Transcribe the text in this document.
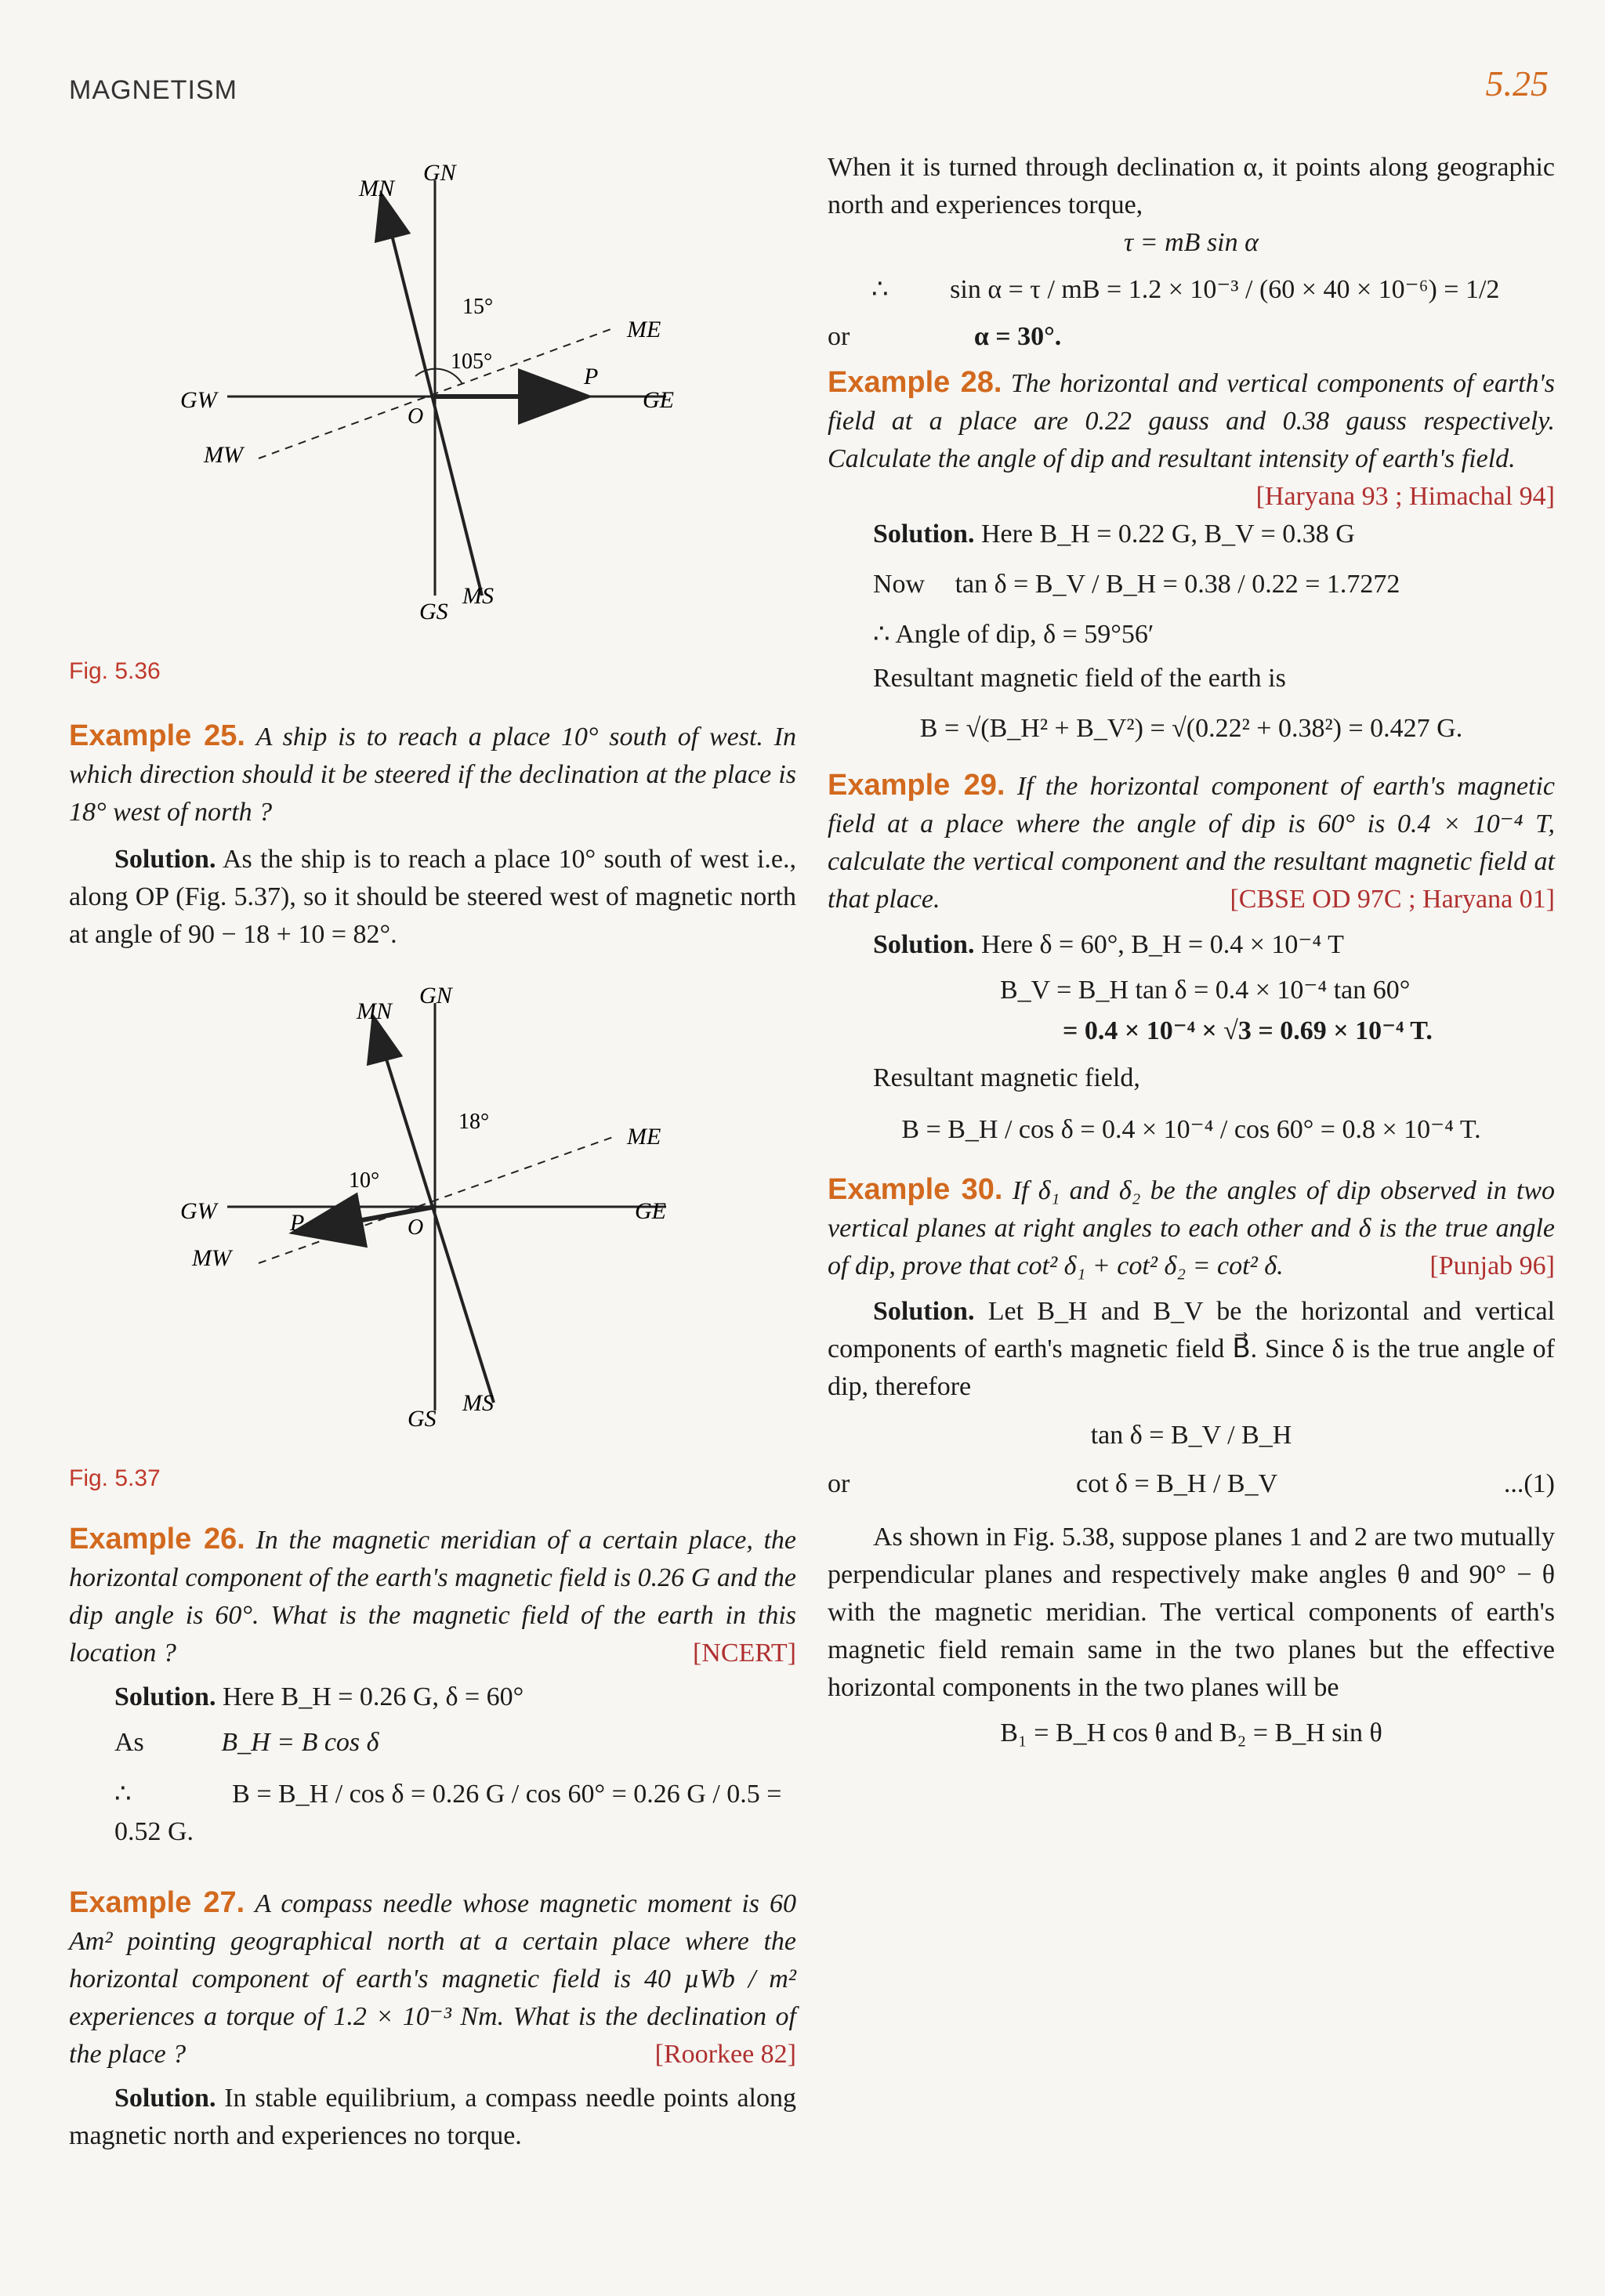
MAGNETISM	5.25
MN
GN
15°
105°
ME
P
GE
GW
O
MW
GS
MS
Fig. 5.36

Example 25. A ship is to reach a place 10° south of west. In which direction should it be steered if the declination at the place is 18° west of north ?

Solution. As the ship is to reach a place 10° south of west i.e., along OP (Fig. 5.37), so it should be steered west of magnetic north at angle of 90 − 18 + 10 = 82°.

MN
GN
18°
10°
ME
GE
GW	P	O
MW
GS
MS
Fig. 5.37

Example 26. In the magnetic meridian of a certain place, the horizontal component of the earth's magnetic field is 0.26 G and the dip angle is 60°. What is the magnetic field of the earth in this location ?	[NCERT]

Solution. Here B_H = 0.26 G, δ = 60°

As	B_H = B cos δ

∴	B = B_H / cos δ = 0.26 G / cos 60° = 0.26 G / 0.5 = 0.52 G.

Example 27. A compass needle whose magnetic moment is 60 Am² pointing geographical north at a certain place where the horizontal component of earth's magnetic field is 40 µWb / m² experiences a torque of 1.2 × 10⁻³ Nm. What is the declination of the place ?	[Roorkee 82]

Solution. In stable equilibrium, a compass needle points along magnetic north and experiences no torque.

When it is turned through declination α, it points along geographic north and experiences torque,

τ = mB sin α

∴ sin α = τ / mB = 1.2 × 10⁻³ / (60 × 40 × 10⁻⁶) = 1/2

or	α = 30°.

Example 28. The horizontal and vertical components of earth's field at a place are 0.22 gauss and 0.38 gauss respectively. Calculate the angle of dip and resultant intensity of earth's field.
[Haryana 93 ; Himachal 94]

Solution. Here B_H = 0.22 G, B_V = 0.38 G

Now tan δ = B_V / B_H = 0.38 / 0.22 = 1.7272

∴ Angle of dip, δ = 59°56′

Resultant magnetic field of the earth is

B = √(B_H² + B_V²) = √(0.22² + 0.38²) = 0.427 G.

Example 29. If the horizontal component of earth's magnetic field at a place where the angle of dip is 60° is 0.4 × 10⁻⁴ T, calculate the vertical component and the resultant magnetic field at that place.	[CBSE OD 97C ; Haryana 01]

Solution. Here δ = 60°, B_H = 0.4 × 10⁻⁴ T

B_V = B_H tan δ = 0.4 × 10⁻⁴ tan 60°

= 0.4 × 10⁻⁴ × √3 = 0.69 × 10⁻⁴ T.

Resultant magnetic field,

B = B_H / cos δ = 0.4 × 10⁻⁴ / cos 60° = 0.8 × 10⁻⁴ T.

Example 30. If δ₁ and δ₂ be the angles of dip observed in two vertical planes at right angles to each other and δ is the true angle of dip, prove that cot² δ₁ + cot² δ₂ = cot² δ.	[Punjab 96]

Solution. Let B_H and B_V be the horizontal and vertical components of earth's magnetic field B⃗. Since δ is the true angle of dip, therefore

tan δ = B_V / B_H

or	cot δ = B_H / B_V	...(1)

As shown in Fig. 5.38, suppose planes 1 and 2 are two mutually perpendicular planes and respectively make angles θ and 90° − θ with the magnetic meridian. The vertical components of earth's magnetic field remain same in the two planes but the effective horizontal components in the two planes will be

B₁ = B_H cos θ and B₂ = B_H sin θ
